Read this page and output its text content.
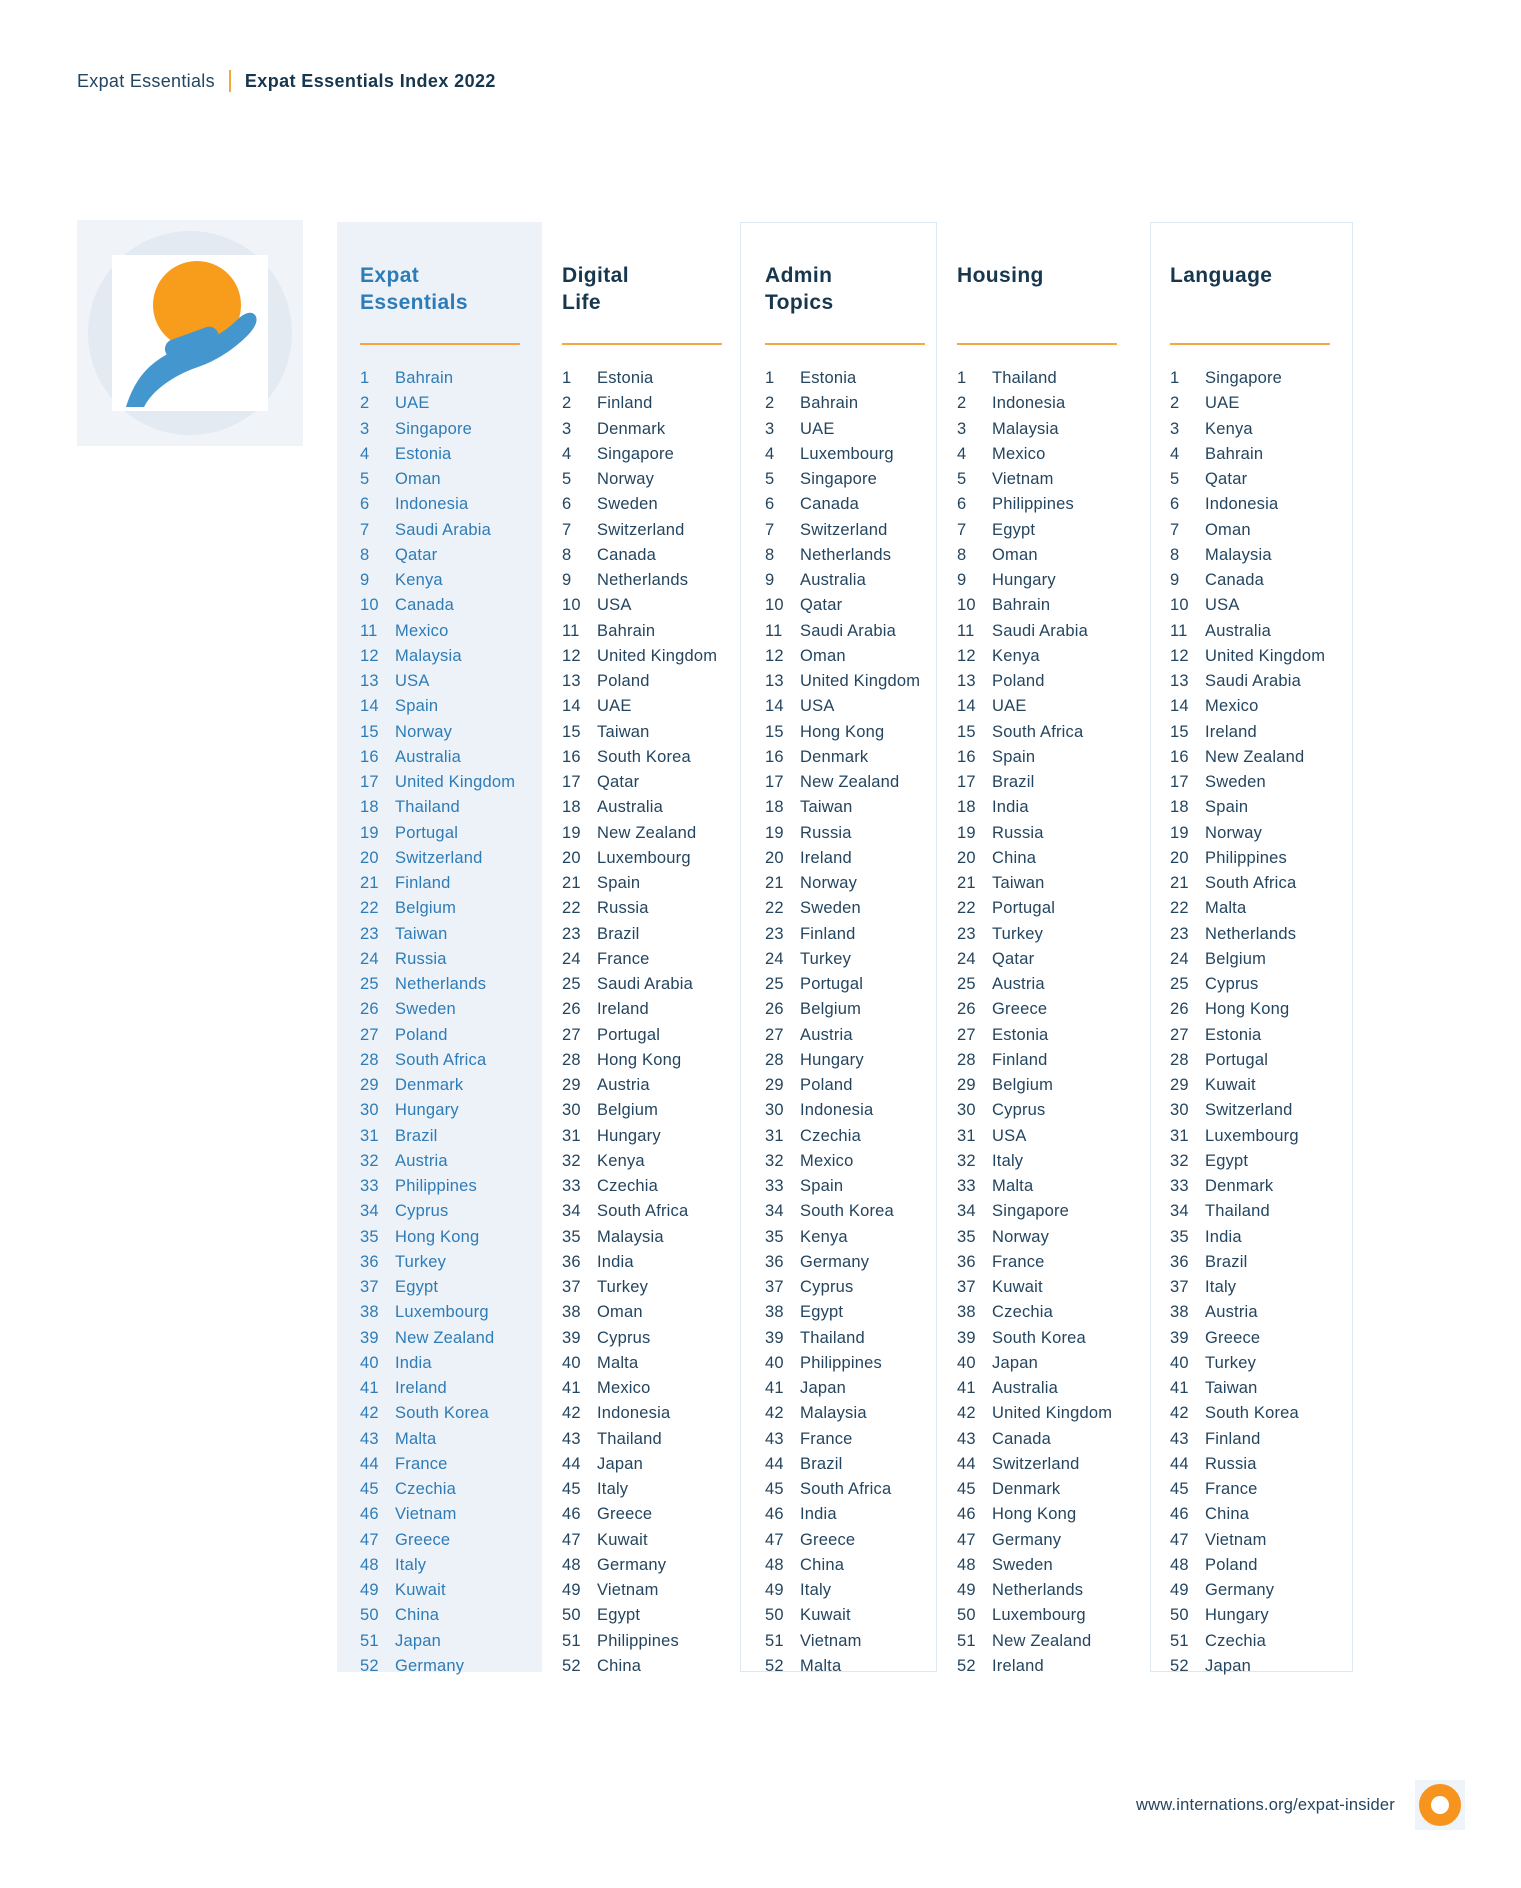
Expat Essentials Expat Essentials Index 2022
Expat
Essentials
1	Bahrain
2	UAE
3	Singapore
4	Estonia
5	Oman
6	Indonesia
7	Saudi Arabia
8	Qatar
9	Kenya
10 Canada
11	Mexico
12 Malaysia
13 USA
14 Spain
15 Norway
16 Australia
17 United Kingdom
18 Thailand
19 Portugal
20 Switzerland
21 Finland
22 Belgium
23 Taiwan
24 Russia
25 Netherlands
26 Sweden
27 Poland
28 South Africa
29 Denmark
30 Hungary
31 Brazil
32 Austria
33 Philippines
34 Cyprus
35 Hong Kong
36 Turkey
37 Egypt
38 Luxembourg
39 New Zealand
40 India
41 Ireland
42 South Korea
43 Malta
44 France
45 Czechia
46 Vietnam
47 Greece
48 Italy
49 Kuwait
50 China
51 Japan
52 Germany
Digital
Life
1	Estonia
2	Finland
3	Denmark
4	Singapore
5	Norway
6	Sweden
7	Switzerland
8	Canada
9	Netherlands
10 USA
11	Bahrain
12 United Kingdom
13 Poland
14 UAE
15 Taiwan
16 South Korea
17 Qatar
18 Australia
19 New Zealand
20 Luxembourg
21 Spain
22 Russia
23 Brazil
24 France
25 Saudi Arabia
26 Ireland
27 Portugal
28 Hong Kong
29 Austria
30 Belgium
31 Hungary
32 Kenya
33 Czechia
34 South Africa
35 Malaysia
36 India
37 Turkey
38 Oman
39 Cyprus
40 Malta
41 Mexico
42 Indonesia
43 Thailand
44 Japan
45 Italy
46 Greece
47 Kuwait
48 Germany
49 Vietnam
50 Egypt
51 Philippines
52 China
Admin
Topics
1	Estonia
2	Bahrain
3	UAE
4	Luxembourg
5	Singapore
6	Canada
7	Switzerland
8	Netherlands
9	Australia
10 Qatar
11	Saudi Arabia
12 Oman
13 United Kingdom
14 USA
15 Hong Kong
16 Denmark
17 New Zealand
18 Taiwan
19 Russia
20 Ireland
21 Norway
22 Sweden
23 Finland
24 Turkey
25 Portugal
26 Belgium
27 Austria
28 Hungary
29 Poland
30 Indonesia
31 Czechia
32 Mexico
33 Spain
34 South Korea
35 Kenya
36 Germany
37 Cyprus
38 Egypt
39 Thailand
40 Philippines
41 Japan
42 Malaysia
43 France
44 Brazil
45 South Africa
46 India
47 Greece
48 China
49 Italy
50 Kuwait
51 Vietnam
52 Malta
Housing
1	Thailand
2	Indonesia
3	Malaysia
4	Mexico
5	Vietnam
6	Philippines
7	Egypt
8	Oman
9	Hungary
10 Bahrain
11	Saudi Arabia
12 Kenya
13 Poland
14 UAE
15 South Africa
16 Spain
17 Brazil
18 India
19 Russia
20 China
21 Taiwan
22 Portugal
23 Turkey
24 Qatar
25 Austria
26 Greece
27 Estonia
28 Finland
29 Belgium
30 Cyprus
31 USA
32 Italy
33 Malta
34 Singapore
35 Norway
36 France
37 Kuwait
38 Czechia
39 South Korea
40 Japan
41 Australia
42 United Kingdom
43 Canada
44 Switzerland
45 Denmark
46 Hong Kong
47 Germany
48 Sweden
49 Netherlands
50 Luxembourg
51 New Zealand
52 Ireland
Language
1	Singapore
2	UAE
3	Kenya
4	Bahrain
5	Qatar
6	Indonesia
7	Oman
8	Malaysia
9	Canada
10 USA
11	Australia
12 United Kingdom
13 Saudi Arabia
14 Mexico
15 Ireland
16 New Zealand
17 Sweden
18 Spain
19 Norway
20 Philippines
21 South Africa
22 Malta
23 Netherlands
24 Belgium
25 Cyprus
26 Hong Kong
27 Estonia
28 Portugal
29 Kuwait
30 Switzerland
31 Luxembourg
32 Egypt
33 Denmark
34 Thailand
35 India
36 Brazil
37 Italy
38 Austria
39 Greece
40 Turkey
41 Taiwan
42 South Korea
43 Finland
44 Russia
45 France
46 China
47 Vietnam
48 Poland
49 Germany
50 Hungary
51 Czechia
52 Japan
www.internations.org/expat-insider
